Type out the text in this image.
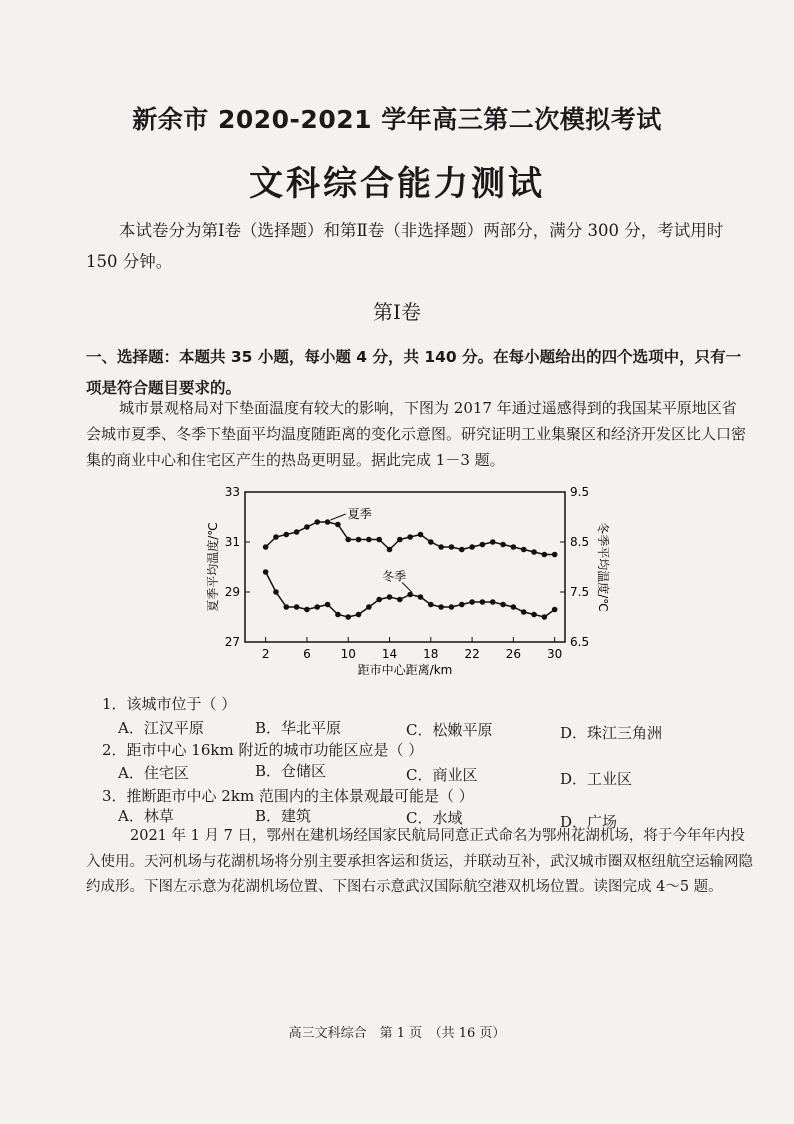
新余市 2020-2021 学年高三第二次模拟考试
文科综合能力测试
本试卷分为第Ⅰ卷（选择题）和第Ⅱ卷（非选择题）两部分，满分 300 分，考试用时 150 分钟。
第Ⅰ卷
一、选择题：本题共 35 小题，每小题 4 分，共 140 分。在每小题给出的四个选项中，只有一项是符合题目要求的。
城市景观格局对下垫面温度有较大的影响，下图为 2017 年通过遥感得到的我国某平原地区省会城市夏季、冬季下垫面平均温度随距离的变化示意图。研究证明工业集聚区和经济开发区比人口密集的商业中心和住宅区产生的热岛更明显。据此完成 1－3 题。
2	6 10 14 18 22 26 30
33
31
29
27
9.5
8.5
7.5
6.5
距市中心距离/km
夏季平均温度/℃	冬季平均温度/℃
夏季
冬季
1．该城市位于（ ）
A．江汉平原	B．华北平原	C．松嫩平原	D．珠江三角洲
2．距市中心 16km 附近的城市功能区应是（ ）
A．住宅区	B．仓储区	C．商业区	D．工业区
3．推断距市中心 2km 范围内的主体景观最可能是（ ）
A．林草	B．建筑	C．水域	D．广场
2021 年 1 月 7 日，鄂州在建机场经国家民航局同意正式命名为鄂州花湖机场，将于今年年内投入使用。天河机场与花湖机场将分别主要承担客运和货运，并联动互补，武汉城市圈双枢纽航空运输网隐约成形。下图左示意为花湖机场位置、下图右示意武汉国际航空港双机场位置。读图完成 4～5 题。
高三文科综合　第 1 页　（共 16 页）
